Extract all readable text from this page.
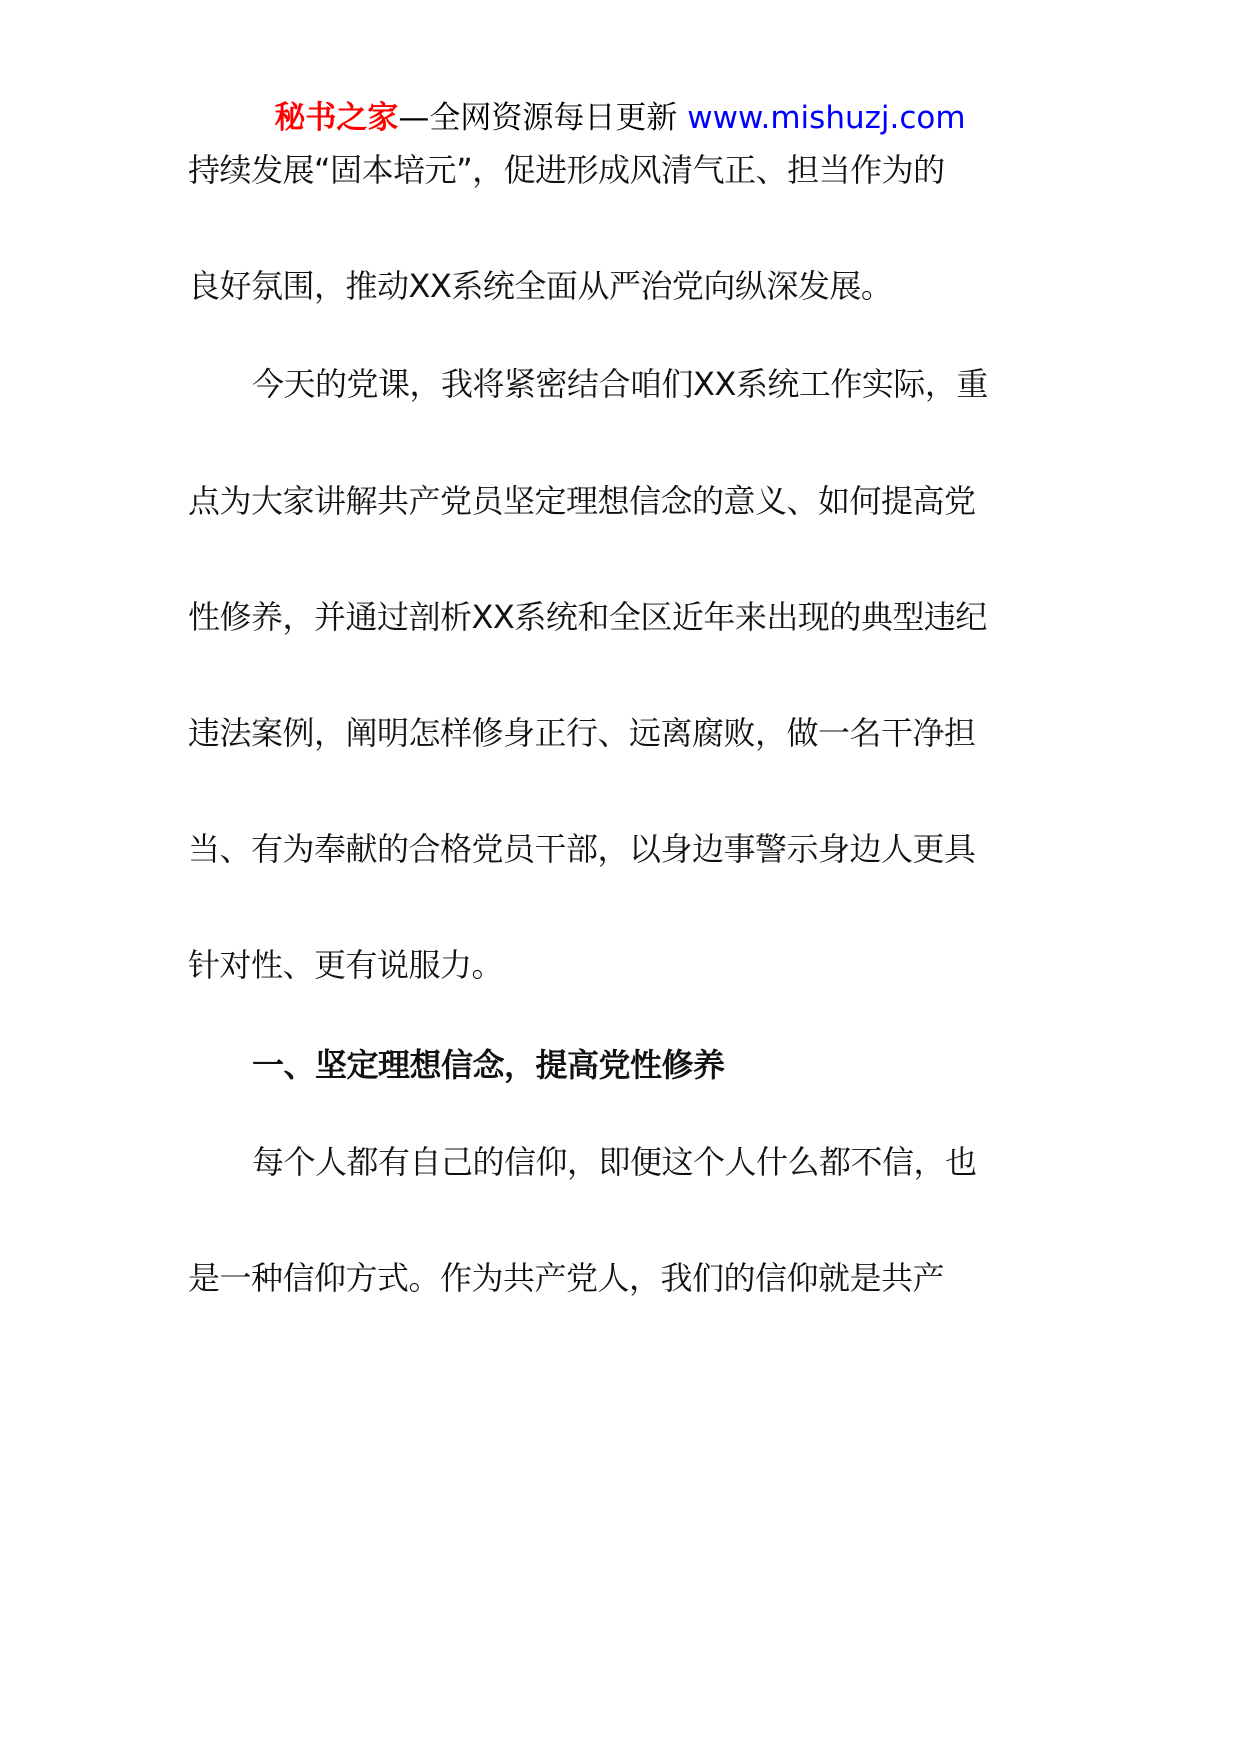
秘书之家—全网资源每日更新 www.mishuzj.com
持续发展“固本培元”，促进形成风清气正、担当作为的
良好氛围，推动XX系统全面从严治党向纵深发展。
今天的党课，我将紧密结合咱们XX系统工作实际，重
点为大家讲解共产党员坚定理想信念的意义、如何提高党
性修养，并通过剖析XX系统和全区近年来出现的典型违纪
违法案例，阐明怎样修身正行、远离腐败，做一名干净担
当、有为奉献的合格党员干部，以身边事警示身边人更具
针对性、更有说服力。
一、坚定理想信念，提高党性修养
每个人都有自己的信仰，即便这个人什么都不信，也
是一种信仰方式。作为共产党人，我们的信仰就是共产
